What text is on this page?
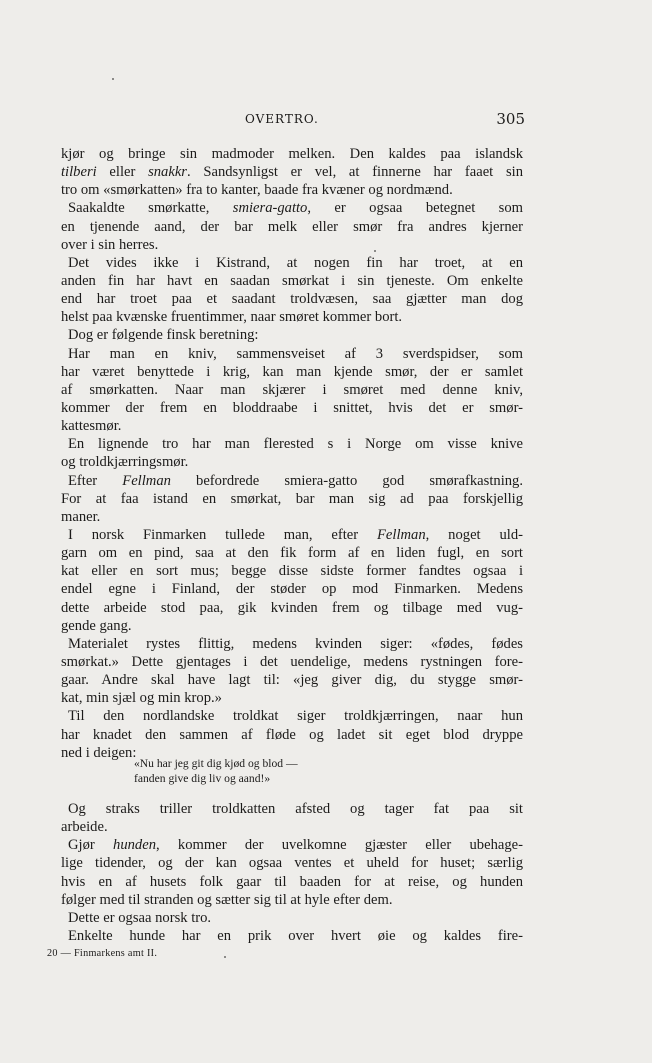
OVERTRO.	305
kjør og bringe sin madmoder melken. Den kaldes paa islandsk
tilberi eller snakkr. Sandsynligst er vel, at finnerne har faaet sin
tro om «smørkatten» fra to kanter, baade fra kvæner og nordmænd.
Saakaldte smørkatte, smiera-gatto, er ogsaa betegnet som
en tjenende aand, der bar melk eller smør fra andres kjerner
over i sin herres.
Det vides ikke i Kistrand, at nogen fin har troet, at en
anden fin har havt en saadan smørkat i sin tjeneste. Om enkelte
end har troet paa et saadant troldvæsen, saa gjætter man dog
helst paa kvænske fruentimmer, naar smøret kommer bort.
Dog er følgende finsk beretning:
Har man en kniv, sammensveiset af 3 sverdspidser, som
har været benyttede i krig, kan man kjende smør, der er samlet
af smørkatten. Naar man skjærer i smøret med denne kniv,
kommer der frem en bloddraabe i snittet, hvis det er smør-
kattesmør.
En lignende tro har man flerested s i Norge om visse knive
og troldkjærringsmør.
Efter Fellman befordrede smiera-gatto god smørafkastning.
For at faa istand en smørkat, bar man sig ad paa forskjellig
maner.
I norsk Finmarken tullede man, efter Fellman, noget uld-
garn om en pind, saa at den fik form af en liden fugl, en sort
kat eller en sort mus; begge disse sidste former fandtes ogsaa i
endel egne i Finland, der støder op mod Finmarken. Medens
dette arbeide stod paa, gik kvinden frem og tilbage med vug-
gende gang.
Materialet rystes flittig, medens kvinden siger: «fødes, fødes
smørkat.» Dette gjentages i det uendelige, medens rystningen fore-
gaar. Andre skal have lagt til: «jeg giver dig, du stygge smør-
kat, min sjæl og min krop.»
Til den nordlandske troldkat siger troldkjærringen, naar hun
har knadet den sammen af fløde og ladet sit eget blod dryppe
ned i deigen:
«Nu har jeg git dig kjød og blod —
fanden give dig liv og aand!»
Og straks triller troldkatten afsted og tager fat paa sit
arbeide.
Gjør hunden, kommer der uvelkomne gjæster eller ubehage-
lige tidender, og der kan ogsaa ventes et uheld for huset; særlig
hvis en af husets folk gaar til baaden for at reise, og hunden
følger med til stranden og sætter sig til at hyle efter dem.
Dette er ogsaa norsk tro.
Enkelte hunde har en prik over hvert øie og kaldes fire-
20 — Finmarkens amt II.
